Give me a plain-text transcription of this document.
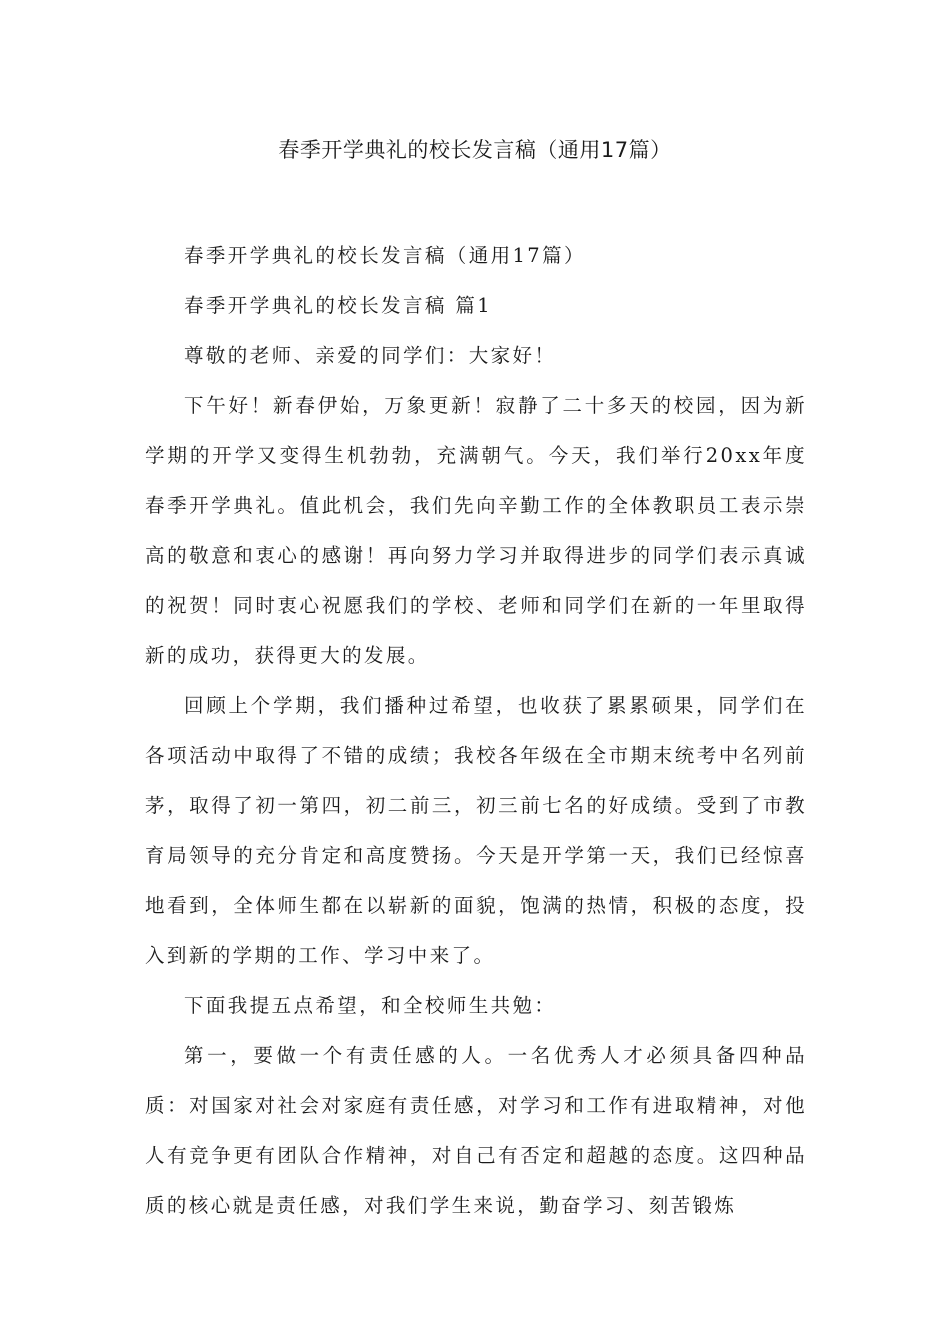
春季开学典礼的校长发言稿（通用17篇）

春季开学典礼的校长发言稿（通用17篇）

春季开学典礼的校长发言稿 篇1

尊敬的老师、亲爱的同学们：大家好！

下午好！新春伊始，万象更新！寂静了二十多天的校园，因为新学期的开学又变得生机勃勃，充满朝气。今天，我们举行20xx年度春季开学典礼。值此机会，我们先向辛勤工作的全体教职员工表示崇高的敬意和衷心的感谢！再向努力学习并取得进步的同学们表示真诚的祝贺！同时衷心祝愿我们的学校、老师和同学们在新的一年里取得新的成功，获得更大的发展。

回顾上个学期，我们播种过希望，也收获了累累硕果，同学们在各项活动中取得了不错的成绩；我校各年级在全市期末统考中名列前茅，取得了初一第四，初二前三，初三前七名的好成绩。受到了市教育局领导的充分肯定和高度赞扬。今天是开学第一天，我们已经惊喜地看到，全体师生都在以崭新的面貌，饱满的热情，积极的态度，投入到新的学期的工作、学习中来了。

下面我提五点希望，和全校师生共勉：

第一，要做一个有责任感的人。一名优秀人才必须具备四种品质：对国家对社会对家庭有责任感，对学习和工作有进取精神，对他人有竞争更有团队合作精神，对自己有否定和超越的态度。这四种品质的核心就是责任感，对我们学生来说，勤奋学习、刻苦锻炼
